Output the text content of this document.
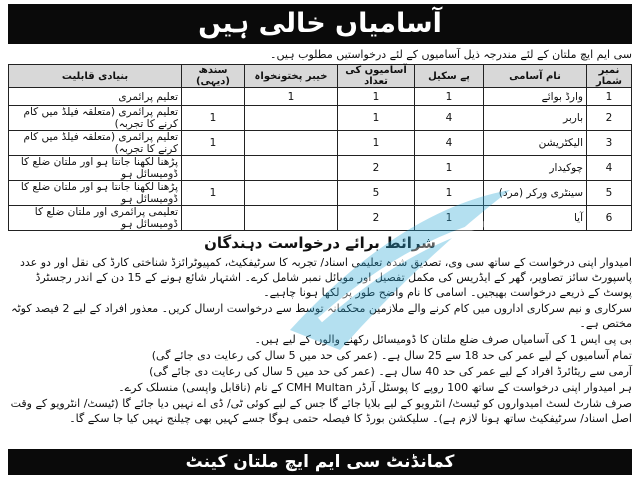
آسامیاں خالی ہیں
سی ایم ایچ ملتان کے لئے مندرجہ ذیل آسامیوں کے لئے درخواستیں مطلوب ہیں۔
نمبر شمار	نام آسامی	پے سکیل	آسامیوں کی تعداد	خیبر پختونخواہ	سندھ (دیہی)	بنیادی قابلیت
1	وارڈ بوائے	1	1	1		تعلیم پرائمری
2	باربر	4	1		1	تعلیم پرائمری (متعلقہ فیلڈ میں کام کرنے کا تجربہ)
3	الیکٹریشن	4	1		1	تعلیم پرائمری (متعلقہ فیلڈ میں کام کرنے کا تجربہ)
4	چوکیدار	1	2			پڑھنا لکھنا جانتا ہو اور ملتان ضلع کا ڈومیسائل ہو
5	سینٹری ورکر (مرد)	1	5		1	پڑھنا لکھنا جانتا ہو اور ملتان ضلع کا ڈومیسائل ہو
6	آیا	1	2			تعلیمی پرائمری اور ملتان ضلع کا ڈومیسائل ہو
شرائط برائے درخواست دہندگان

امیدوار اپنی درخواست کے ساتھ سی وی، تصدیق شدہ تعلیمی اسناد/ تجربہ کا سرٹیفکیٹ، کمپیوٹرائزڈ شناختی کارڈ کی نقل اور دو عدد پاسپورٹ سائز تصاویر، گھر کے ایڈریس کی مکمل تفصیل اور موبائل نمبر شامل کرے۔ اشتہار شائع ہونے کے 15 دن کے اندر رجسٹرڈ پوسٹ کے ذریعے درخواست بھیجیں۔ اسامی کا نام واضح طور پر لکھا ہونا چاہیے۔

سرکاری و نیم سرکاری اداروں میں کام کرنے والے ملازمین محکمانہ توسط سے درخواست ارسال کریں۔ معذور افراد کے لیے 2 فیصد کوٹہ مختص ہے۔

بی پی ایس 1 کی آسامیاں صرف ضلع ملتان کا ڈومیسائل رکھنے والوں کے لیے ہیں۔

تمام آسامیوں کے لیے عمر کی حد 18 سے 25 سال ہے۔ (عمر کی حد میں 5 سال کی رعایت دی جائے گی)

آرمی سے ریٹائرڈ افراد کے لیے عمر کی حد 40 سال ہے۔ (عمر کی حد میں 5 سال کی رعایت دی جائے گی)

ہر امیدوار اپنی درخواست کے ساتھ 100 روپے کا پوسٹل آرڈر CMH Multan کے نام (ناقابل واپسی) منسلک کرے۔

صرف شارٹ لسٹ امیدواروں کو ٹیسٹ/ انٹرویو کے لیے بلایا جائے گا جس کے لیے کوئی ٹی/ ڈی اے نہیں دیا جائے گا (ٹیسٹ/ انٹرویو کے وقت اصل اسناد/ سرٹیفکیٹ ساتھ ہونا لازم ہے)۔ سلیکشن بورڈ کا فیصلہ حتمی ہوگا جسے کہیں بھی چیلنج نہیں کیا جا سکے گا۔

کمانڈنٹ سی ایم ایچ ملتان کینٹ
